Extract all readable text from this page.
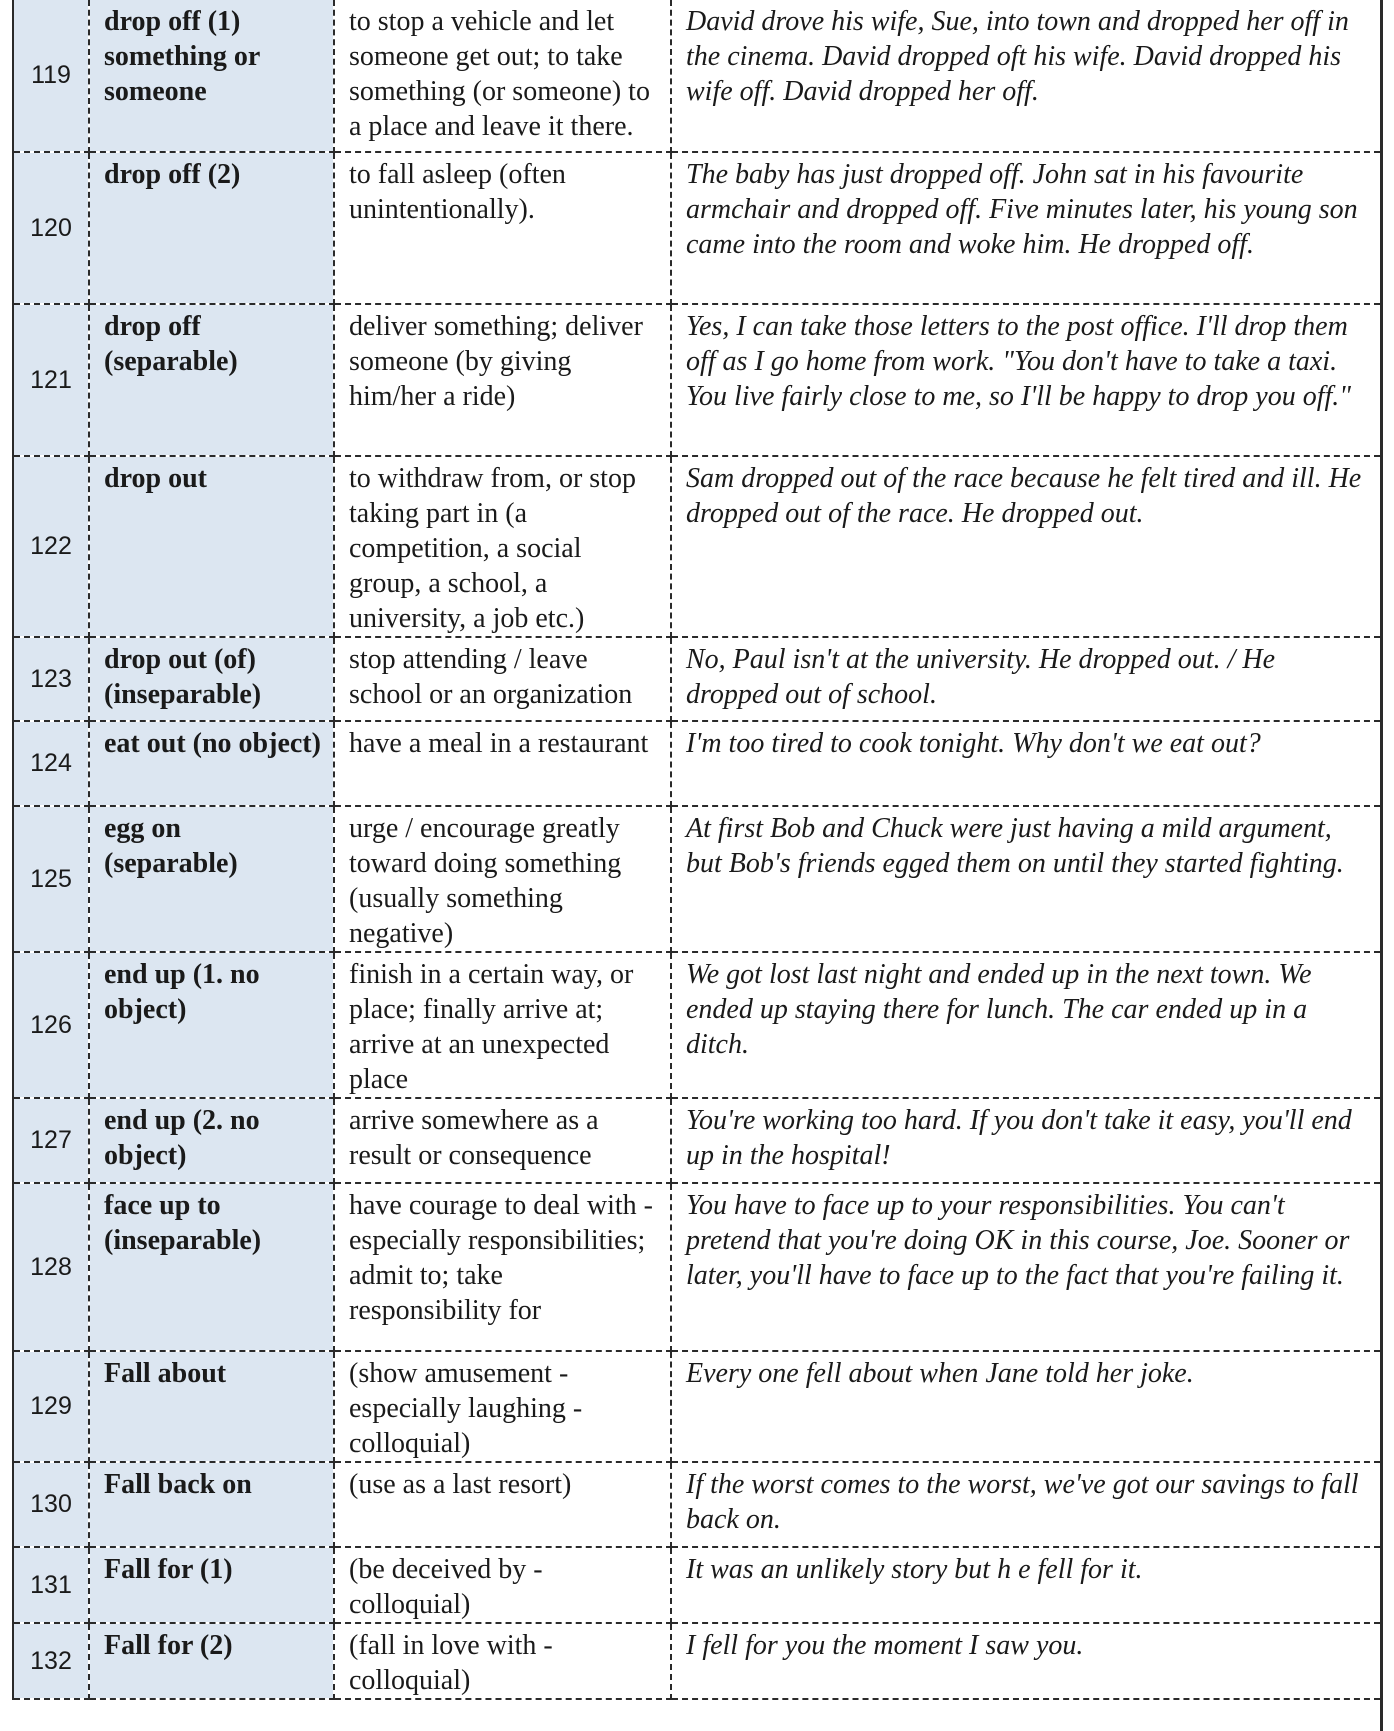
119	drop off (1) something or someone	to stop a vehicle and let someone get out; to take something (or someone) to a place and leave it there.	David drove his wife, Sue, into town and dropped her off in the cinema. David dropped oft his wife. David dropped his wife off. David dropped her off.
120	drop off (2)	to fall asleep (often unintentionally).	The baby has just dropped off. John sat in his favourite armchair and dropped off. Five minutes later, his young son came into the room and woke him. He dropped off.
121	drop off (separable)	deliver something; deliver someone (by giving him/her a ride)	Yes, I can take those letters to the post office. I'll drop them off as I go home from work. "You don't have to take a taxi. You live fairly close to me, so I'll be happy to drop you off."
122	drop out	to withdraw from, or stop taking part in (a competition, a social group, a school, a university, a job etc.)	Sam dropped out of the race because he felt tired and ill. He dropped out of the race. He dropped out.
123	drop out (of) (inseparable)	stop attending / leave school or an organization	No, Paul isn't at the university. He dropped out. / He dropped out of school.
124	eat out (no object)	have a meal in a restaurant	I'm too tired to cook tonight. Why don't we eat out?
125	egg on (separable)	urge / encourage greatly toward doing something (usually something negative)	At first Bob and Chuck were just having a mild argument, but Bob's friends egged them on until they started fighting.
126	end up (1. no object)	finish in a certain way, or place; finally arrive at; arrive at an unexpected place	We got lost last night and ended up in the next town. We ended up staying there for lunch. The car ended up in a ditch.
127	end up (2. no object)	arrive somewhere as a result or consequence	You're working too hard. If you don't take it easy, you'll end up in the hospital!
128	face up to (inseparable)	have courage to deal with - especially responsibilities; admit to; take responsibility for	You have to face up to your responsibilities. You can't pretend that you're doing OK in this course, Joe. Sooner or later, you'll have to face up to the fact that you're failing it.
129	Fall about	(show amusement - especially laughing - colloquial)	Every one fell about when Jane told her joke.
130	Fall back on	(use as a last resort)	If the worst comes to the worst, we've got our savings to fall back on.
131	Fall for (1)	(be deceived by - colloquial)	It was an unlikely story but h e fell for it.
132	Fall for (2)	(fall in love with - colloquial)	I fell for you the moment I saw you.
